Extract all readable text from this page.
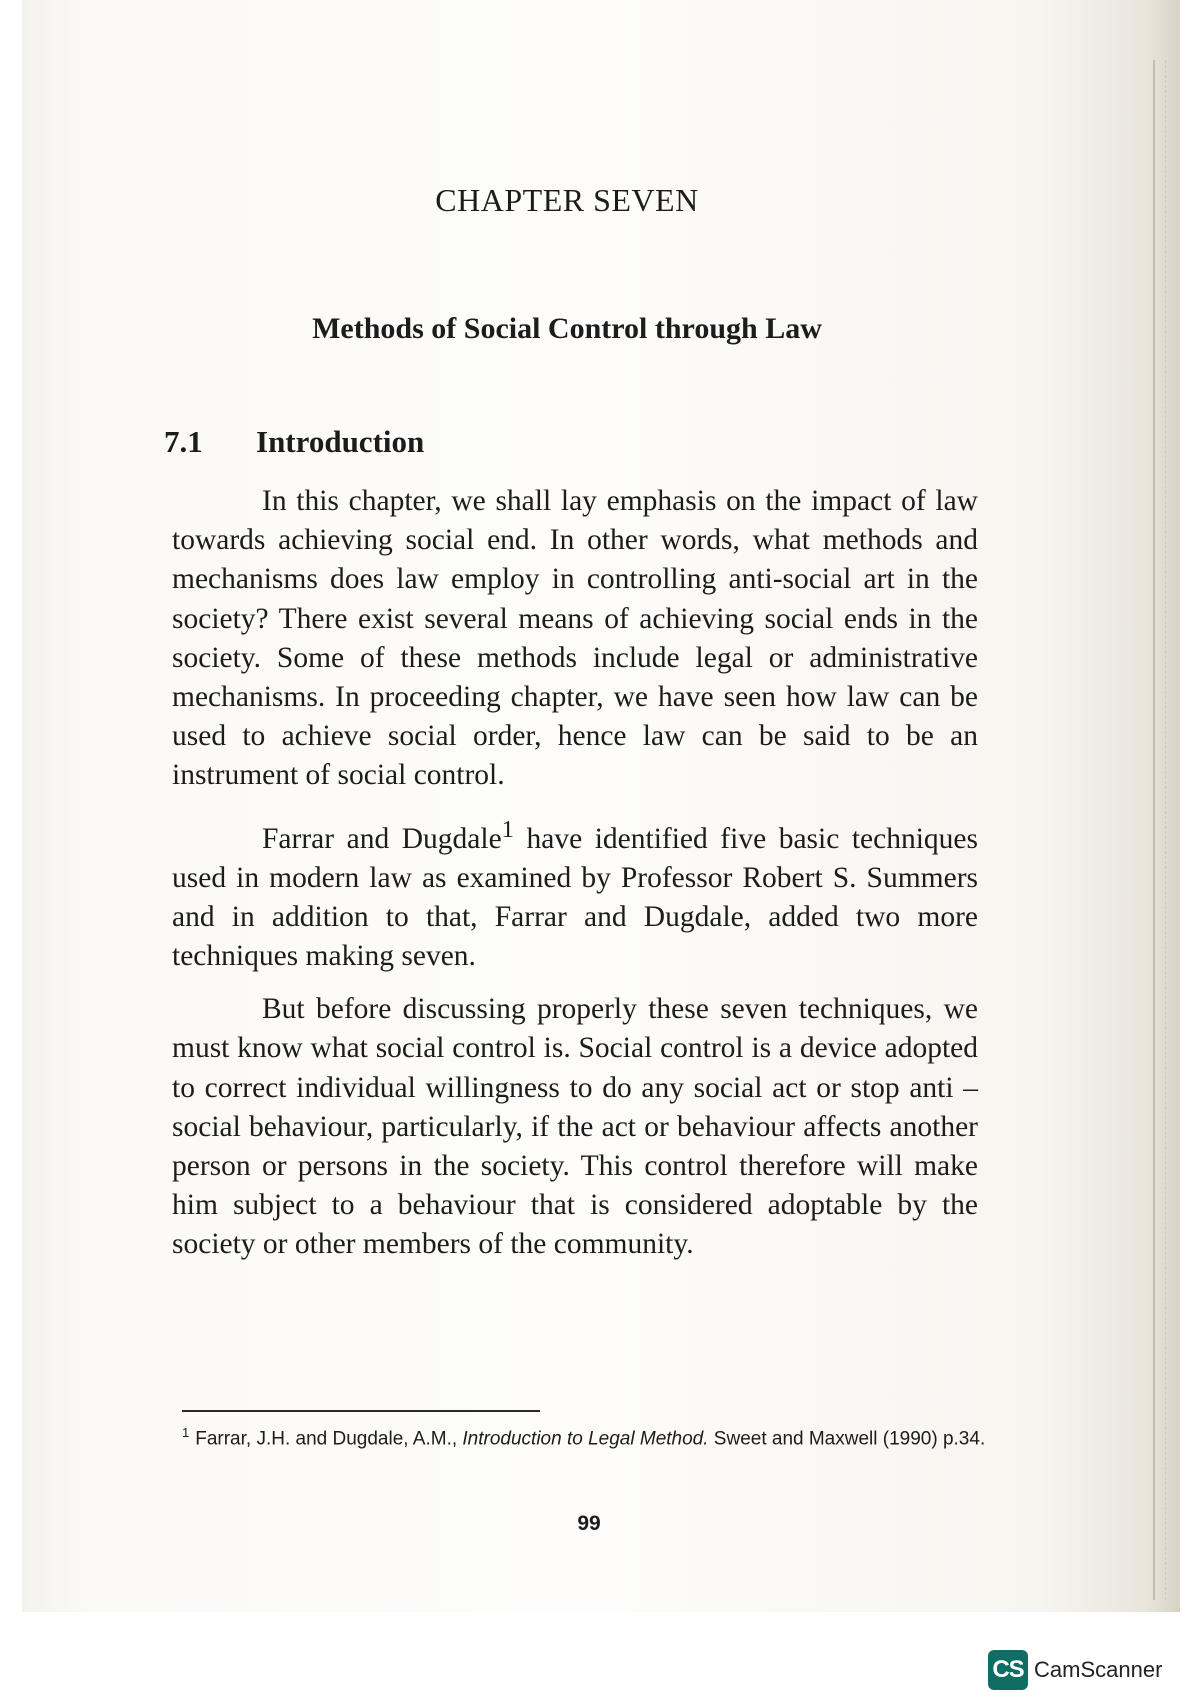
CHAPTER SEVEN
Methods of Social Control through Law
7.1 Introduction

In this chapter, we shall lay emphasis on the impact of law towards achieving social end. In other words, what methods and mechanisms does law employ in controlling anti-social art in the society? There exist several means of achieving social ends in the society. Some of these methods include legal or administrative mechanisms. In proceeding chapter, we have seen how law can be used to achieve social order, hence law can be said to be an instrument of social control.

Farrar and Dugdale$^1$ have identified five basic techniques used in modern law as examined by Professor Robert S. Summers and in addition to that, Farrar and Dugdale, added two more techniques making seven.

But before discussing properly these seven techniques, we must know what social control is. Social control is a device adopted to correct individual willingness to do any social act or stop anti – social behaviour, particularly, if the act or behaviour affects another person or persons in the society. This control therefore will make him subject to a behaviour that is considered adoptable by the society or other members of the community.

$^1$ Farrar, J.H. and Dugdale, A.M., Introduction to Legal Method. Sweet and Maxwell (1990) p.34.
99
CS CamScanner
